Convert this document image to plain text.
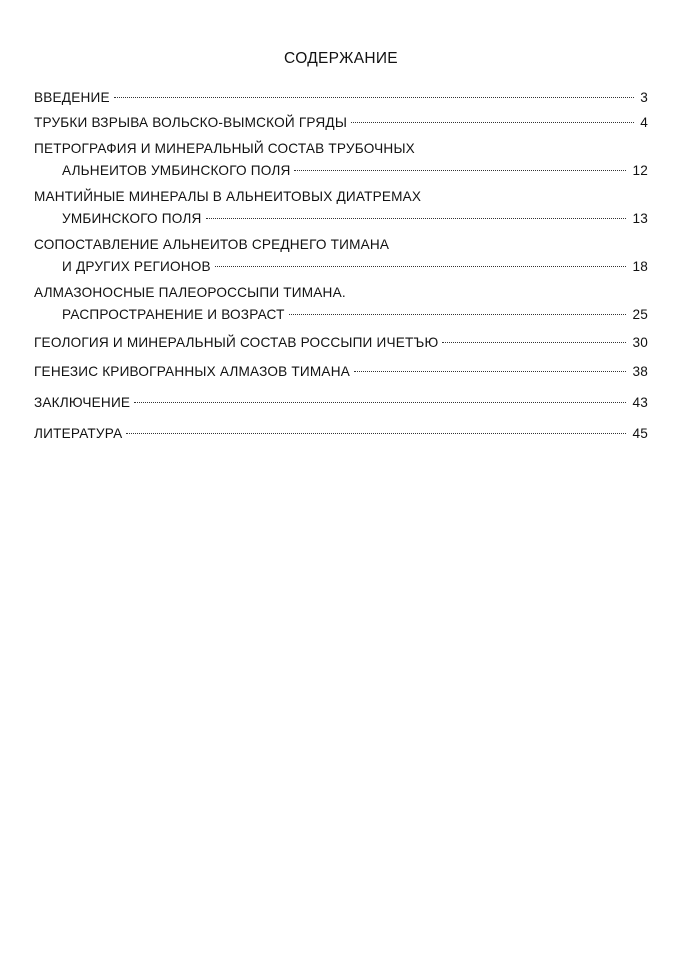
СОДЕРЖАНИЕ
ВВЕДЕНИЕ	3
ТРУБКИ ВЗРЫВА ВОЛЬСКО-ВЫМСКОЙ ГРЯДЫ	4
ПЕТРОГРАФИЯ И МИНЕРАЛЬНЫЙ СОСТАВ ТРУБОЧНЫХ
АЛЬНЕИТОВ УМБИНСКОГО ПОЛЯ	12
МАНТИЙНЫЕ МИНЕРАЛЫ В АЛЬНЕИТОВЫХ ДИАТРЕМАХ
УМБИНСКОГО ПОЛЯ	13
СОПОСТАВЛЕНИЕ АЛЬНЕИТОВ СРЕДНЕГО ТИМАНА
И ДРУГИХ РЕГИОНОВ	18
АЛМАЗОНОСНЫЕ ПАЛЕОРОССЫПИ ТИМАНА.
РАСПРОСТРАНЕНИЕ И ВОЗРАСТ	25
ГЕОЛОГИЯ И МИНЕРАЛЬНЫЙ СОСТАВ РОССЫПИ ИЧЕТЪЮ	30
ГЕНЕЗИС КРИВОГРАННЫХ АЛМАЗОВ ТИМАНА	38
ЗАКЛЮЧЕНИЕ	43
ЛИТЕРАТУРА	45
